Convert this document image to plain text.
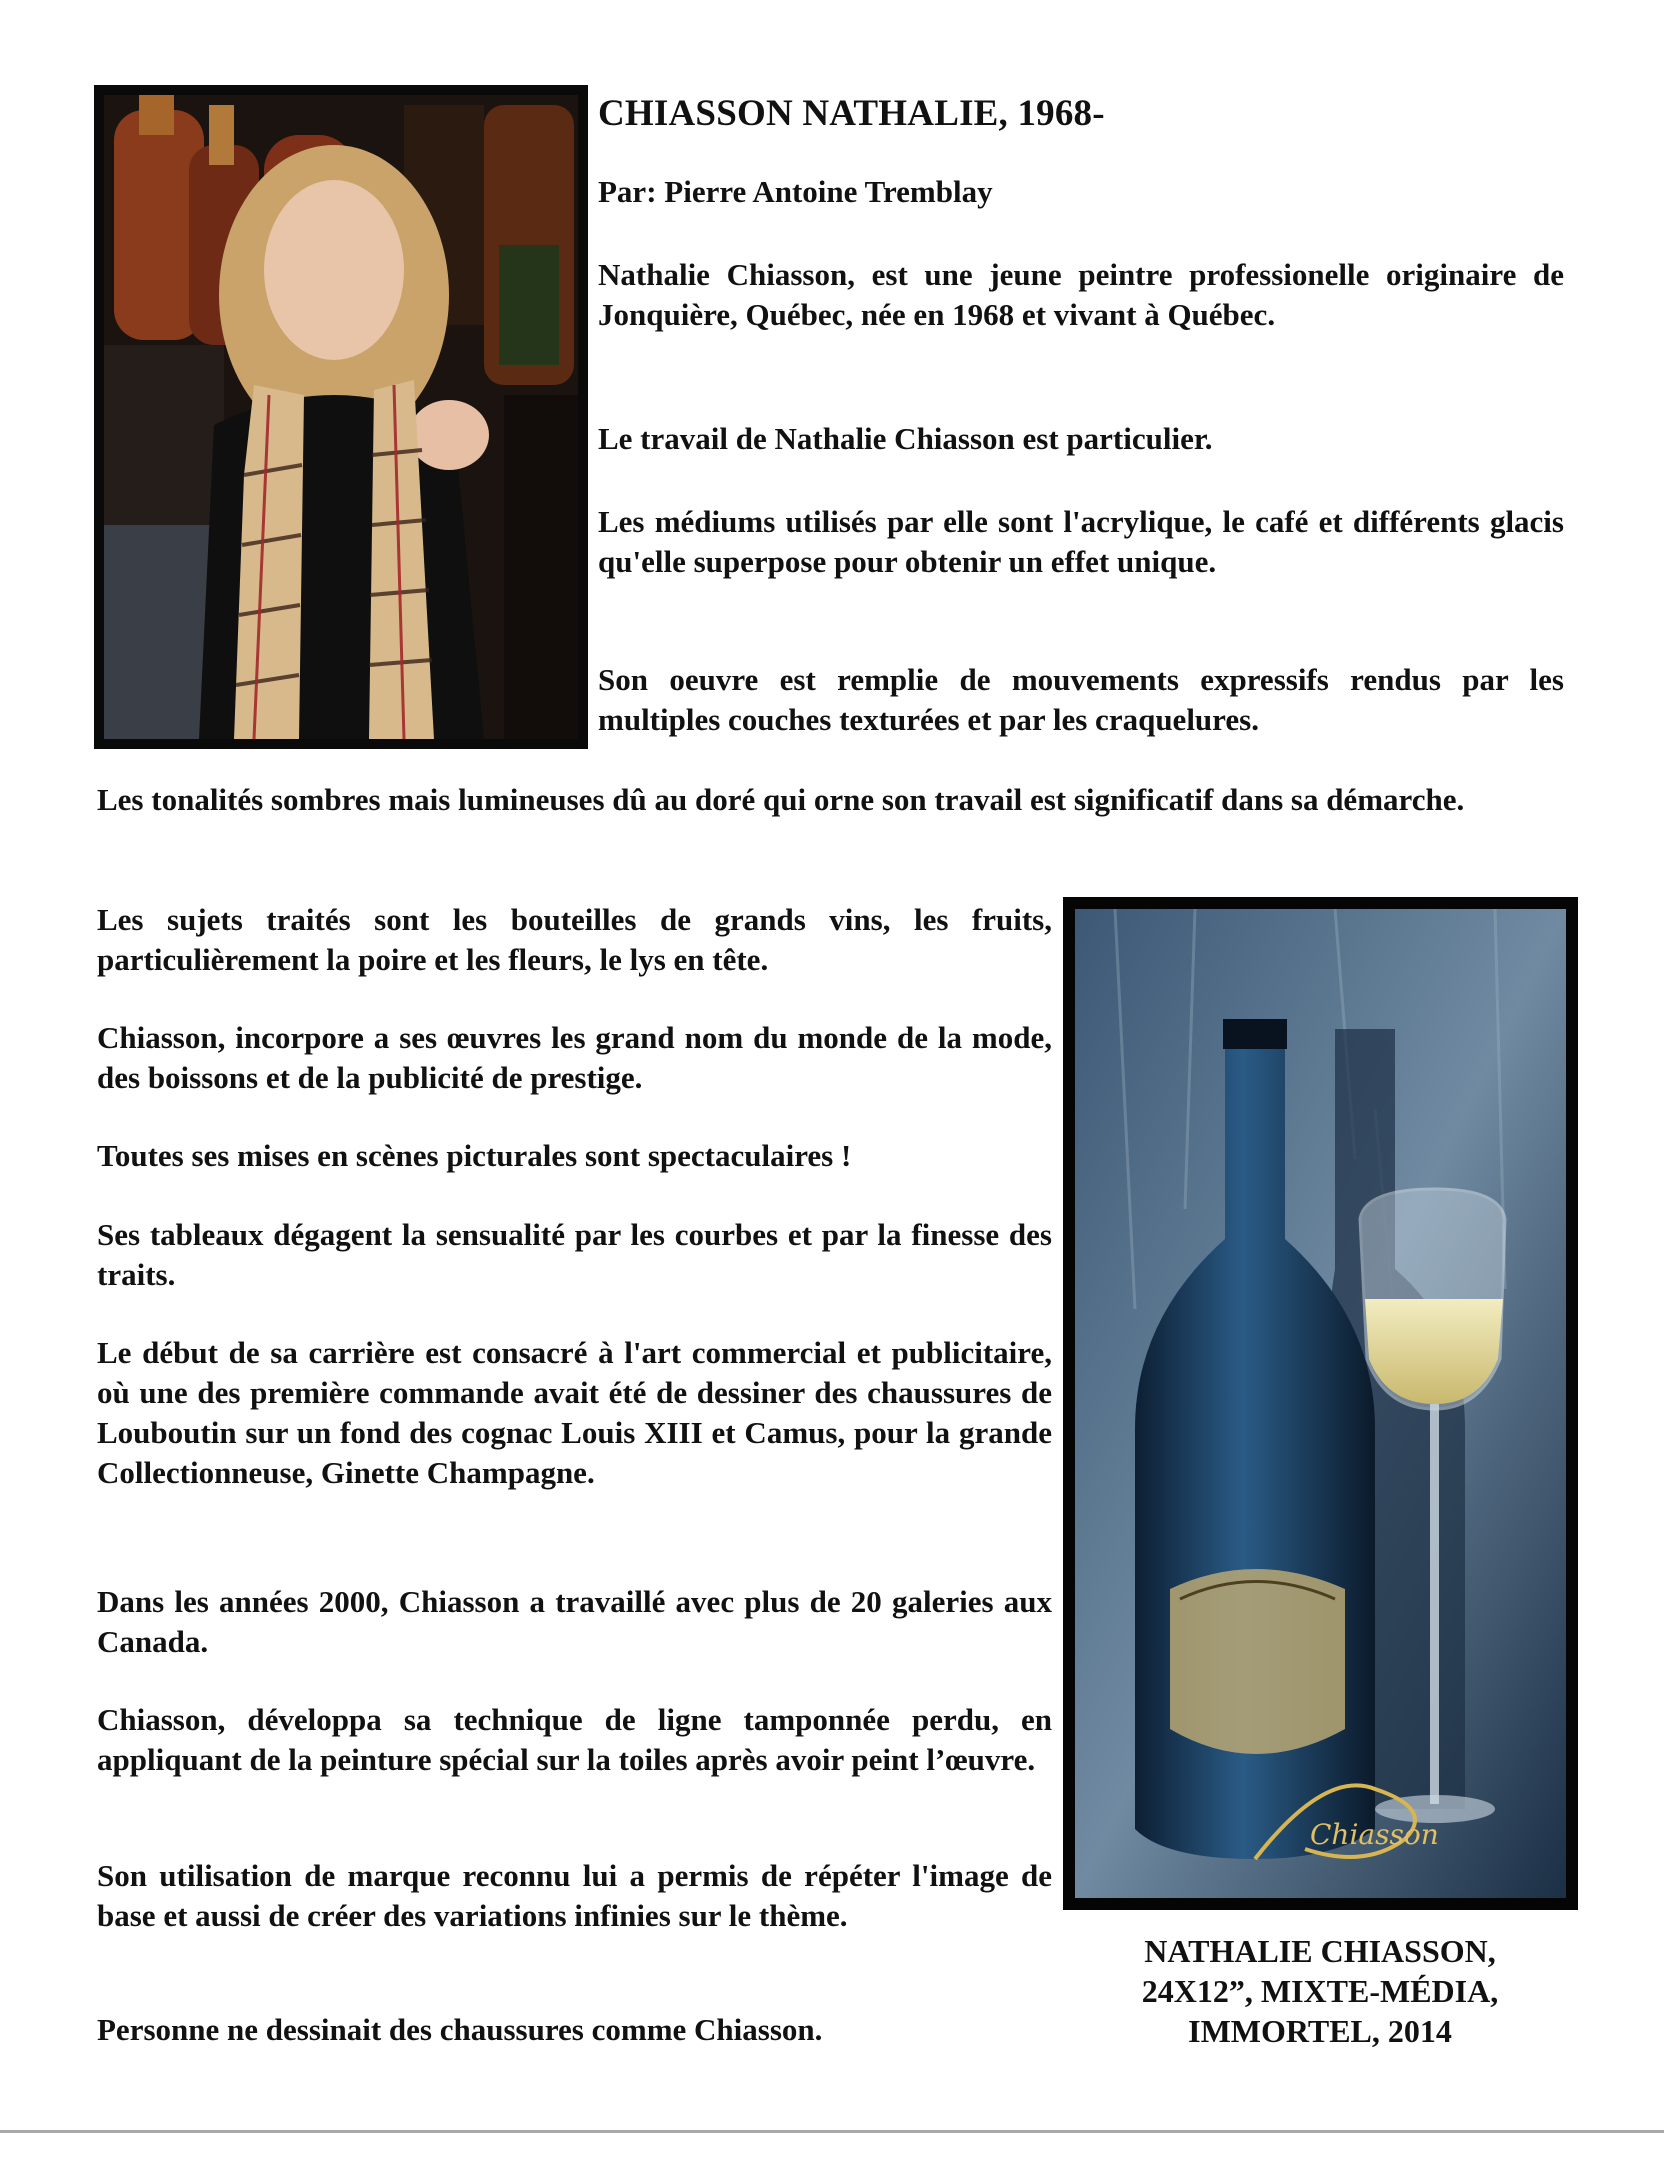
CHIASSON NATHALIE, 1968-

Par: Pierre Antoine Tremblay

Nathalie Chiasson, est une jeune peintre professionelle originaire de Jonquière, Québec, née en 1968 et vivant à Québec.

Le travail de Nathalie Chiasson est particulier.

Les médiums utilisés par elle sont l'acrylique, le café et différents glacis qu'elle superpose pour obtenir un effet unique.

Son oeuvre est remplie de mouvements expressifs rendus par les multiples couches texturées et par les craquelures.

Les tonalités sombres mais lumineuses dû au doré qui orne son travail est significatif dans sa démarche.

Les sujets traités sont les bouteilles de grands vins, les fruits, particulièrement la poire et les fleurs, le lys en tête.

Chiasson, incorpore a ses œuvres les grand nom du monde de la mode, des boissons et de la publicité de prestige.

Toutes ses mises en scènes picturales sont spectaculaires !

Ses tableaux dégagent la sensualité par les courbes et par la finesse des traits.

Le début de sa carrière est consacré à l'art commercial et publicitaire, où une des première commande avait été de dessiner des chaussures de Louboutin sur un fond des cognac Louis XIII et Camus, pour la grande Collectionneuse, Ginette Champagne.

Dans les années 2000, Chiasson a travaillé avec plus de 20 galeries aux Canada.

Chiasson, développa sa technique de ligne tamponnée perdu, en appliquant de la peinture spécial sur la toiles après avoir peint l’œuvre.

Son utilisation de marque reconnu lui a permis de répéter l'image de base et aussi de créer des variations infinies sur le thème.

Personne ne dessinait des chaussures comme Chiasson.

Chiasson
NATHALIE CHIASSON,
24X12”, MIXTE-MÉDIA,
IMMORTEL, 2014
